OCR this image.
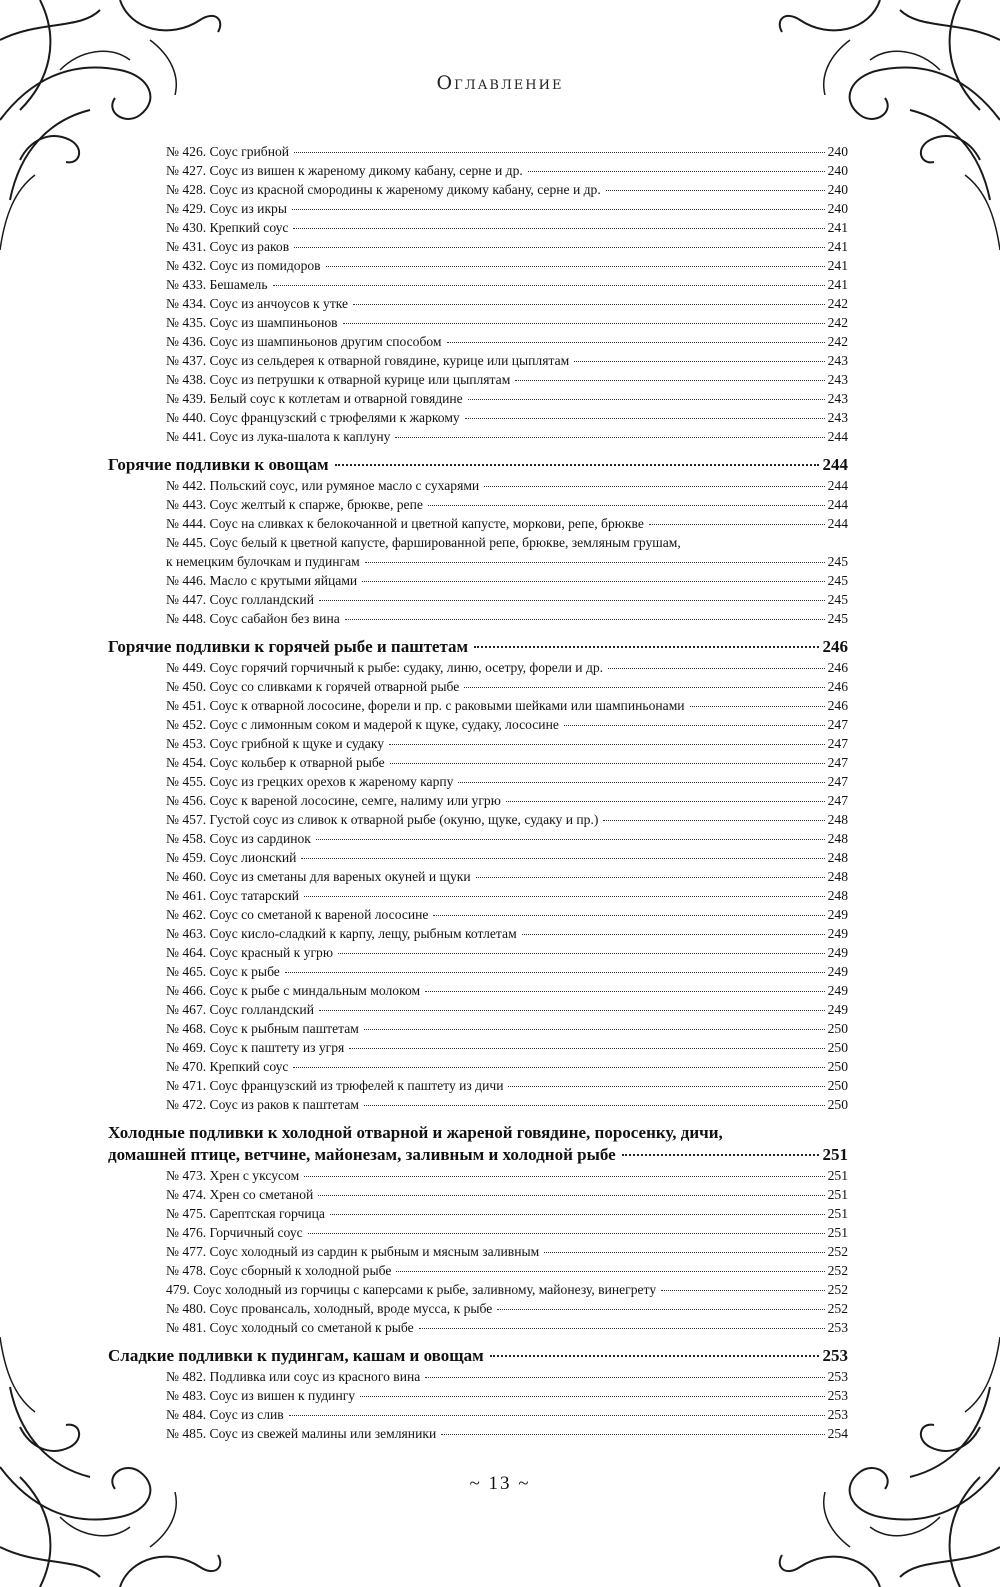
Оглавление
№ 426. Соус грибной	240
№ 427. Соус из вишен к жареному дикому кабану, серне и др.	240
№ 428. Соус из красной смородины к жареному дикому кабану, серне и др.	240
№ 429. Соус из икры	240
№ 430. Крепкий соус	241
№ 431. Соус из раков	241
№ 432. Соус из помидоров	241
№ 433. Бешамель	241
№ 434. Соус из анчоусов к утке	242
№ 435. Соус из шампиньонов	242
№ 436. Соус из шампиньонов другим способом	242
№ 437. Соус из сельдерея к отварной говядине, курице или цыплятам	243
№ 438. Соус из петрушки к отварной курице или цыплятам	243
№ 439. Белый соус к котлетам и отварной говядине	243
№ 440. Соус французский с трюфелями к жаркому	243
№ 441. Соус из лука-шалота к каплуну	244
Горячие подливки к овощам	244
№ 442. Польский соус, или румяное масло с сухарями	244
№ 443. Соус желтый к спарже, брюкве, репе	244
№ 444. Соус на сливках к белокочанной и цветной капусте, моркови, репе, брюкве	244
№ 445. Соус белый к цветной капусте, фаршированной репе, брюкве, земляным грушам,
к немецким булочкам и пудингам	245
№ 446. Масло с крутыми яйцами	245
№ 447. Соус голландский	245
№ 448. Соус сабайон без вина	245
Горячие подливки к горячей рыбе и паштетам	246
№ 449. Соус горячий горчичный к рыбе: судаку, линю, осетру, форели и др.	246
№ 450. Соус со сливками к горячей отварной рыбе	246
№ 451. Соус к отварной лососине, форели и пр. с раковыми шейками или шампиньонами	246
№ 452. Соус с лимонным соком и мадерой к щуке, судаку, лососине	247
№ 453. Соус грибной к щуке и судаку	247
№ 454. Соус кольбер к отварной рыбе	247
№ 455. Соус из грецких орехов к жареному карпу	247
№ 456. Соус к вареной лососине, семге, налиму или угрю	247
№ 457. Густой соус из сливок к отварной рыбе (окуню, щуке, судаку и пр.)	248
№ 458. Соус из сардинок	248
№ 459. Соус лионский	248
№ 460. Соус из сметаны для вареных окуней и щуки	248
№ 461. Соус татарский	248
№ 462. Соус со сметаной к вареной лососине	249
№ 463. Соус кисло-сладкий к карпу, лещу, рыбным котлетам	249
№ 464. Соус красный к угрю	249
№ 465. Соус к рыбе	249
№ 466. Соус к рыбе с миндальным молоком	249
№ 467. Соус голландский	249
№ 468. Соус к рыбным паштетам	250
№ 469. Соус к паштету из угря	250
№ 470. Крепкий соус	250
№ 471. Соус французский из трюфелей к паштету из дичи	250
№ 472. Соус из раков к паштетам	250
Холодные подливки к холодной отварной и жареной говядине, поросенку, дичи,
домашней птице, ветчине, майонезам, заливным и холодной рыбе	251
№ 473. Хрен с уксусом	251
№ 474. Хрен со сметаной	251
№ 475. Сарептская горчица	251
№ 476. Горчичный соус	251
№ 477. Соус холодный из сардин к рыбным и мясным заливным	252
№ 478. Соус сборный к холодной рыбе	252
479. Соус холодный из горчицы с каперсами к рыбе, заливному, майонезу, винегрету	252
№ 480. Соус провансаль, холодный, вроде мусса, к рыбе	252
№ 481. Соус холодный со сметаной к рыбе	253
Сладкие подливки к пудингам, кашам и овощам	253
№ 482. Подливка или соус из красного вина	253
№ 483. Соус из вишен к пудингу	253
№ 484. Соус из слив	253
№ 485. Соус из свежей малины или земляники	254
~ 13 ~
